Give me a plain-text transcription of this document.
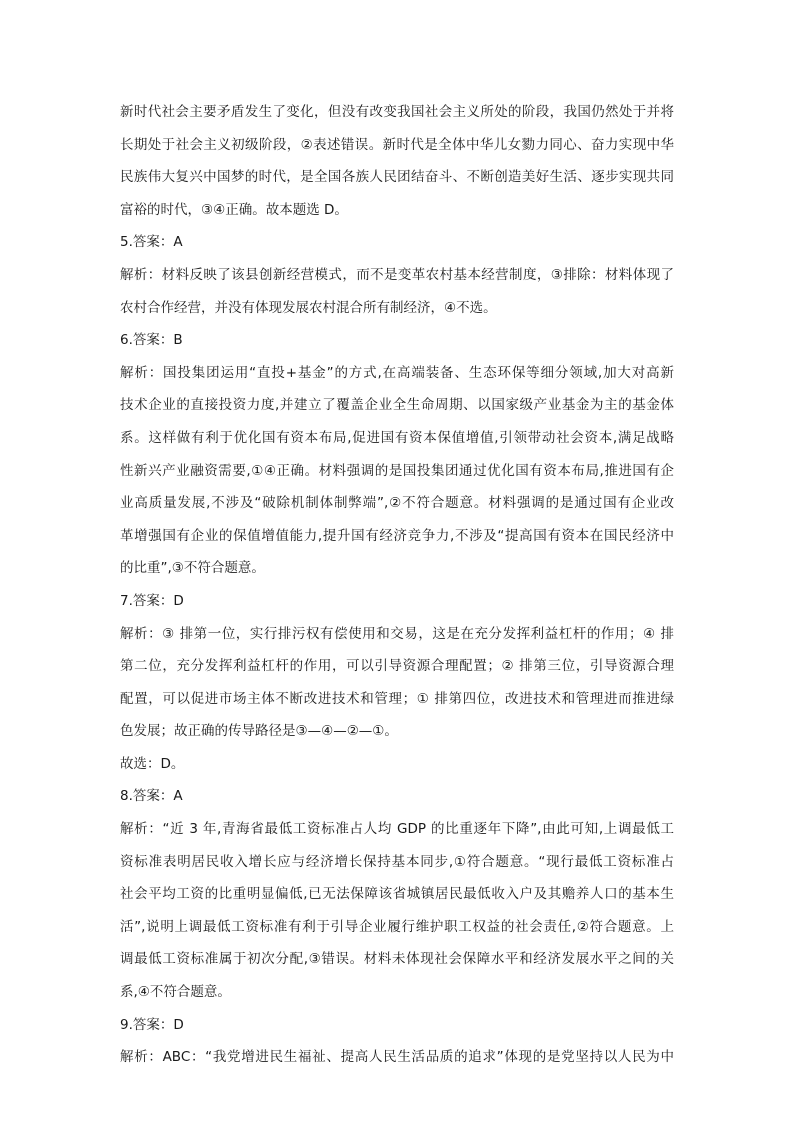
新时代社会主要矛盾发生了变化，但没有改变我国社会主义所处的阶段，我国仍然处于并将
长期处于社会主义初级阶段，②表述错误。新时代是全体中华儿女勠力同心、奋力实现中华
民族伟大复兴中国梦的时代，是全国各族人民团结奋斗、不断创造美好生活、逐步实现共同
富裕的时代，③④正确。故本题选 D。
5.答案：A
解析：材料反映了该县创新经营模式，而不是变革农村基本经营制度，③排除：材料体现了
农村合作经营，并没有体现发展农村混合所有制经济，④不选。
6.答案：B
解析：国投集团运用“直投+基金”的方式,在高端装备、生态环保等细分领域,加大对高新
技术企业的直接投资力度,并建立了覆盖企业全生命周期、以国家级产业基金为主的基金体
系。这样做有利于优化国有资本布局,促进国有资本保值增值,引领带动社会资本,满足战略
性新兴产业融资需要,①④正确。材料强调的是国投集团通过优化国有资本布局,推进国有企
业高质量发展,不涉及“破除机制体制弊端”,②不符合题意。材料强调的是通过国有企业改
革增强国有企业的保值增值能力,提升国有经济竞争力,不涉及“提高国有资本在国民经济中
的比重”,③不符合题意。
7.答案：D
解析：③ 排第一位，实行排污权有偿使用和交易，这是在充分发挥利益杠杆的作用；④ 排
第二位，充分发挥利益杠杆的作用，可以引导资源合理配置；② 排第三位，引导资源合理
配置，可以促进市场主体不断改进技术和管理；① 排第四位，改进技术和管理进而推进绿
色发展；故正确的传导路径是③—④—②—①。
故选：D。
8.答案：A
解析：“近 3 年,青海省最低工资标准占人均 GDP 的比重逐年下降”,由此可知,上调最低工
资标准表明居民收入增长应与经济增长保持基本同步,①符合题意。“现行最低工资标准占
社会平均工资的比重明显偏低,已无法保障该省城镇居民最低收入户及其赡养人口的基本生
活”,说明上调最低工资标准有利于引导企业履行维护职工权益的社会责任,②符合题意。上
调最低工资标准属于初次分配,③错误。材料未体现社会保障水平和经济发展水平之间的关
系,④不符合题意。
9.答案：D
解析：ABC：“我党增进民生福祉、提高人民生活品质的追求”体现的是党坚持以人民为中
